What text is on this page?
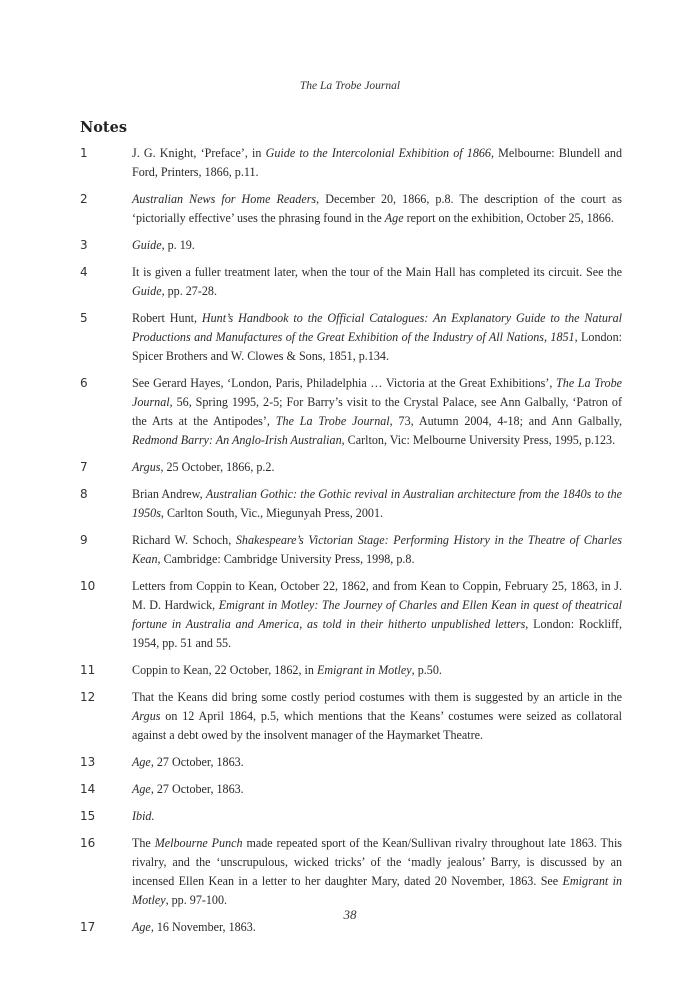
The La Trobe Journal
Notes
1	J. G. Knight, ‘Preface’, in Guide to the Intercolonial Exhibition of 1866, Melbourne: Blundell and Ford, Printers, 1866, p.11.
2	Australian News for Home Readers, December 20, 1866, p.8. The description of the court as ‘pictorially effective’ uses the phrasing found in the Age report on the exhibition, October 25, 1866.
3	Guide, p. 19.
4	It is given a fuller treatment later, when the tour of the Main Hall has completed its circuit. See the Guide, pp. 27-28.
5	Robert Hunt, Hunt’s Handbook to the Official Catalogues: An Explanatory Guide to the Natural Productions and Manufactures of the Great Exhibition of the Industry of All Nations, 1851, London: Spicer Brothers and W. Clowes & Sons, 1851, p.134.
6	See Gerard Hayes, ‘London, Paris, Philadelphia … Victoria at the Great Exhibitions’, The La Trobe Journal, 56, Spring 1995, 2-5; For Barry’s visit to the Crystal Palace, see Ann Galbally, ‘Patron of the Arts at the Antipodes’, The La Trobe Journal, 73, Autumn 2004, 4-18; and Ann Galbally, Redmond Barry: An Anglo-Irish Australian, Carlton, Vic: Melbourne University Press, 1995, p.123.
7	Argus, 25 October, 1866, p.2.
8	Brian Andrew, Australian Gothic: the Gothic revival in Australian architecture from the 1840s to the 1950s, Carlton South, Vic., Miegunyah Press, 2001.
9	Richard W. Schoch, Shakespeare’s Victorian Stage: Performing History in the Theatre of Charles Kean, Cambridge: Cambridge University Press, 1998, p.8.
10	Letters from Coppin to Kean, October 22, 1862, and from Kean to Coppin, February 25, 1863, in J. M. D. Hardwick, Emigrant in Motley: The Journey of Charles and Ellen Kean in quest of theatrical fortune in Australia and America, as told in their hitherto unpublished letters, London: Rockliff, 1954, pp. 51 and 55.
11	Coppin to Kean, 22 October, 1862, in Emigrant in Motley, p.50.
12	That the Keans did bring some costly period costumes with them is suggested by an article in the Argus on 12 April 1864, p.5, which mentions that the Keans’ costumes were seized as collatoral against a debt owed by the insolvent manager of the Haymarket Theatre.
13	Age, 27 October, 1863.
14	Age, 27 October, 1863.
15	Ibid.
16	The Melbourne Punch made repeated sport of the Kean/Sullivan rivalry throughout late 1863. This rivalry, and the ‘unscrupulous, wicked tricks’ of the ‘madly jealous’ Barry, is discussed by an incensed Ellen Kean in a letter to her daughter Mary, dated 20 November, 1863. See Emigrant in Motley, pp. 97-100.
17	Age, 16 November, 1863.
38
